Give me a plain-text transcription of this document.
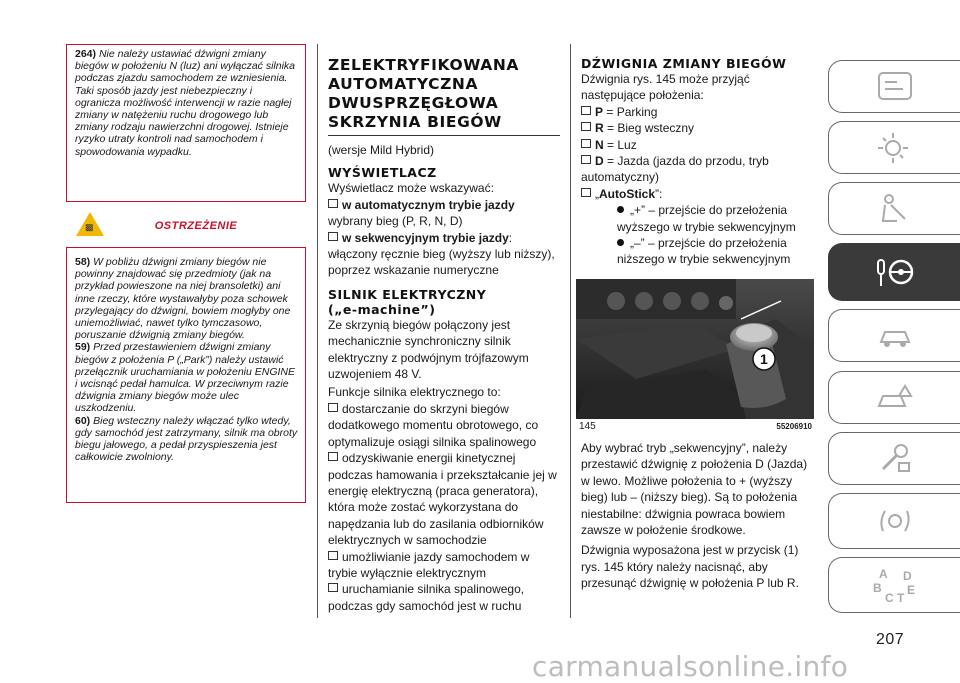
264) Nie należy ustawiać dźwigni zmiany biegów w położeniu N (luz) ani wyłączać silnika podczas zjazdu samochodem ze wzniesienia. Taki sposób jazdy jest niebezpieczny i ogranicza możliwość interwencji w razie nagłej zmiany w natężeniu ruchu drogowego lub zmiany rodzaju nawierzchni drogowej. Istnieje ryzyko utraty kontroli nad samochodem i spowodowania wypadku.
▩	OSTRZEŻENIE
58) W pobliżu dźwigni zmiany biegów nie powinny znajdować się przedmioty (jak na przykład powieszone na niej bransoletki) ani inne rzeczy, które wystawałyby poza schowek przylegający do dźwigni, bowiem mogłyby one uniemożliwiać, nawet tylko tymczasowo, poruszanie dźwignią zmiany biegów.
59) Przed przestawieniem dźwigni zmiany biegów z położenia P („Park”) należy ustawić przełącznik uruchamiania w położeniu ENGINE i wcisnąć pedał hamulca. W przeciwnym razie dźwignia zmiany biegów może ulec uszkodzeniu.
60) Bieg wsteczny należy włączać tylko wtedy, gdy samochód jest zatrzymany, silnik ma obroty biegu jałowego, a pedał przyspieszenia jest całkowicie zwolniony.
ZELEKTRYFIKOWANA
AUTOMATYCZNA
DWUSPRZĘGŁOWA
SKRZYNIA BIEGÓW
(wersje Mild Hybrid)
WYŚWIETLACZ
Wyświetlacz może wskazywać:
w automatycznym trybie jazdy wybrany bieg (P, R, N, D)
w sekwencyjnym trybie jazdy: włączony ręcznie bieg (wyższy lub niższy), poprzez wskazanie numeryczne
SILNIK ELEKTRYCZNY
(„e-machine”)
Ze skrzynią biegów połączony jest mechanicznie synchroniczny silnik elektryczny z podwójnym trójfazowym uzwojeniem 48 V.
Funkcje silnika elektrycznego to:
dostarczanie do skrzyni biegów dodatkowego momentu obrotowego, co optymalizuje osiągi silnika spalinowego
odzyskiwanie energii kinetycznej podczas hamowania i przekształcanie jej w energię elektryczną (praca generatora), która może zostać wykorzystana do napędzania lub do zasilania odbiorników elektrycznych w samochodzie
umożliwianie jazdy samochodem w trybie wyłącznie elektrycznym
uruchamianie silnika spalinowego, podczas gdy samochód jest w ruchu
DŹWIGNIA ZMIANY BIEGÓW
Dźwignia rys. 145 może przyjąć następujące położenia:
P = Parking
R = Bieg wsteczny
N = Luz
D = Jazda (jazda do przodu, tryb automatyczny)
„AutoStick”:
„+” – przejście do przełożenia wyższego w trybie sekwencyjnym
„–” – przejście do przełożenia niższego w trybie sekwencyjnym
1
145	55206910
Aby wybrać tryb „sekwencyjny”, należy przestawić dźwignię z położenia D (Jazda) w lewo. Możliwe położenia to + (wyższy bieg) lub – (niższy bieg). Są to położenia niestabilne: dźwignia powraca bowiem zawsze w położenie środkowe.
Dźwignia wyposażona jest w przycisk (1) rys. 145 który należy nacisnąć, aby przesunąć dźwignię w położenia P lub R.
A
B
C
D
E
T
207
carmanualsonline.info
